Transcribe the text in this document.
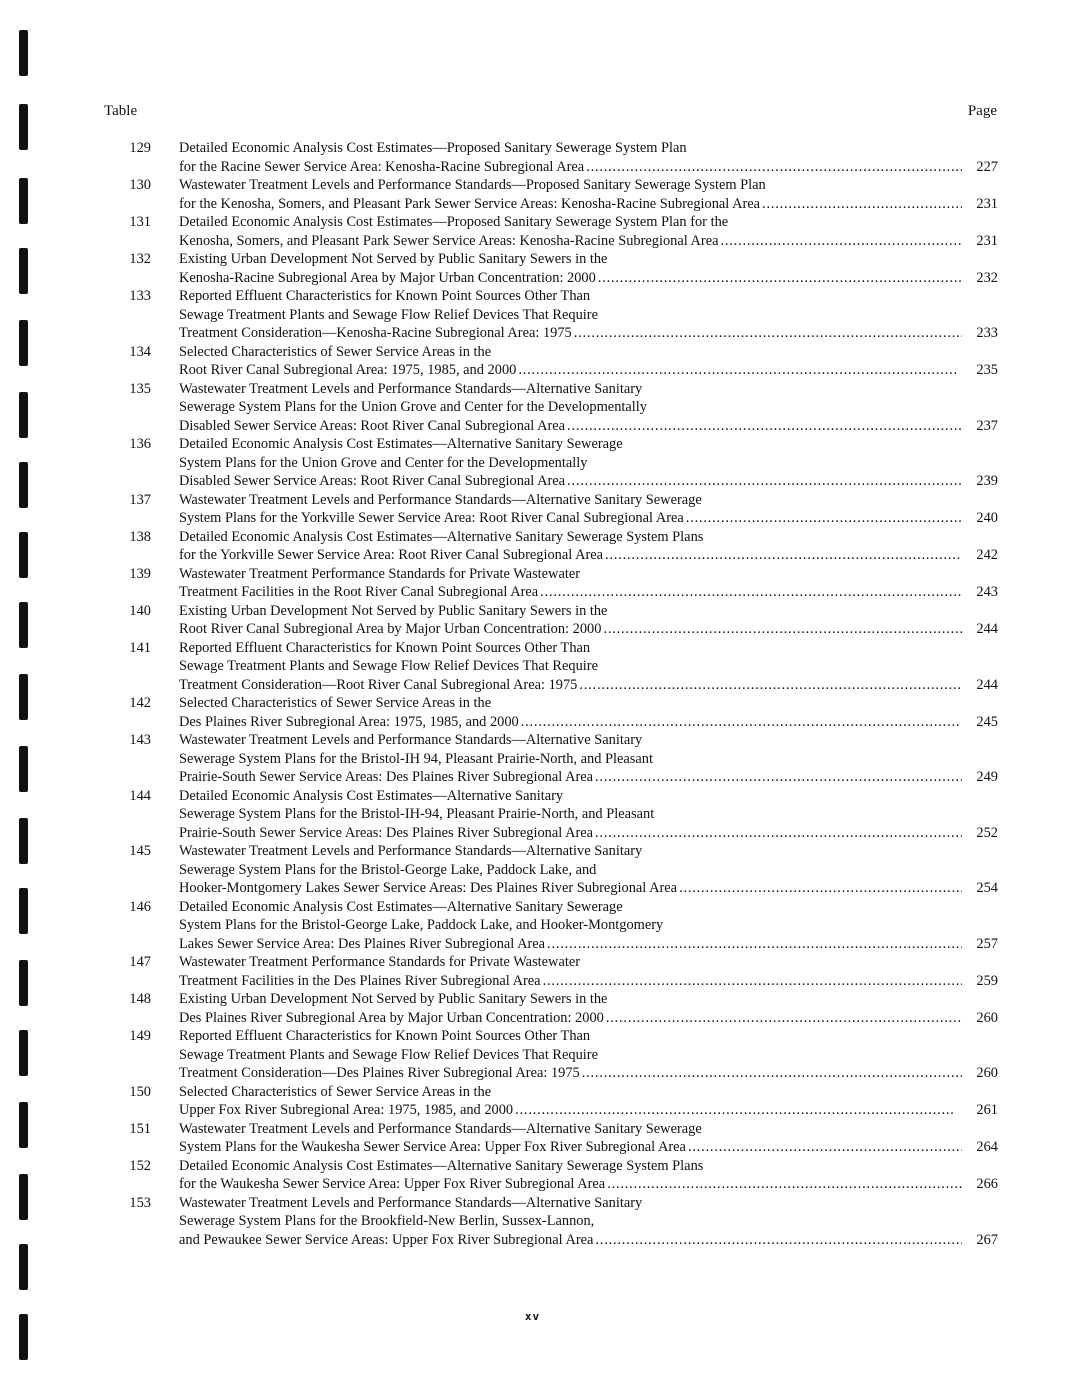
Table	Page
129 Detailed Economic Analysis Cost Estimates—Proposed Sanitary Sewerage System Plan
for the Racine Sewer Service Area: Kenosha-Racine Subregional Area . . .	227
130 Wastewater Treatment Levels and Performance Standards—Proposed Sanitary Sewerage System Plan
for the Kenosha, Somers, and Pleasant Park Sewer Service Areas: Kenosha-Racine Subregional Area . . .	231
131 Detailed Economic Analysis Cost Estimates—Proposed Sanitary Sewerage System Plan for the
Kenosha, Somers, and Pleasant Park Sewer Service Areas: Kenosha-Racine Subregional Area . . .	231
132 Existing Urban Development Not Served by Public Sanitary Sewers in the
Kenosha-Racine Subregional Area by Major Urban Concentration: 2000 . . .	232
133 Reported Effluent Characteristics for Known Point Sources Other Than
Sewage Treatment Plants and Sewage Flow Relief Devices That Require
Treatment Consideration—Kenosha-Racine Subregional Area: 1975 . . .	233
134 Selected Characteristics of Sewer Service Areas in the
Root River Canal Subregional Area: 1975, 1985, and 2000 . . .	235
135 Wastewater Treatment Levels and Performance Standards—Alternative Sanitary
Sewerage System Plans for the Union Grove and Center for the Developmentally
Disabled Sewer Service Areas: Root River Canal Subregional Area . . .	237
136 Detailed Economic Analysis Cost Estimates—Alternative Sanitary Sewerage
System Plans for the Union Grove and Center for the Developmentally
Disabled Sewer Service Areas: Root River Canal Subregional Area . . .	239
137 Wastewater Treatment Levels and Performance Standards—Alternative Sanitary Sewerage
System Plans for the Yorkville Sewer Service Area: Root River Canal Subregional Area . . .	240
138 Detailed Economic Analysis Cost Estimates—Alternative Sanitary Sewerage System Plans
for the Yorkville Sewer Service Area: Root River Canal Subregional Area . . .	242
139 Wastewater Treatment Performance Standards for Private Wastewater
Treatment Facilities in the Root River Canal Subregional Area . . .	243
140 Existing Urban Development Not Served by Public Sanitary Sewers in the
Root River Canal Subregional Area by Major Urban Concentration: 2000 . . .	244
141 Reported Effluent Characteristics for Known Point Sources Other Than
Sewage Treatment Plants and Sewage Flow Relief Devices That Require
Treatment Consideration—Root River Canal Subregional Area: 1975 . . .	244
142 Selected Characteristics of Sewer Service Areas in the
Des Plaines River Subregional Area: 1975, 1985, and 2000 . . .	245
143 Wastewater Treatment Levels and Performance Standards—Alternative Sanitary
Sewerage System Plans for the Bristol-IH 94, Pleasant Prairie-North, and Pleasant
Prairie-South Sewer Service Areas: Des Plaines River Subregional Area . . .	249
144 Detailed Economic Analysis Cost Estimates—Alternative Sanitary
Sewerage System Plans for the Bristol-IH-94, Pleasant Prairie-North, and Pleasant
Prairie-South Sewer Service Areas: Des Plaines River Subregional Area . . .	252
145 Wastewater Treatment Levels and Performance Standards—Alternative Sanitary
Sewerage System Plans for the Bristol-George Lake, Paddock Lake, and
Hooker-Montgomery Lakes Sewer Service Areas: Des Plaines River Subregional Area . . .	254
146 Detailed Economic Analysis Cost Estimates—Alternative Sanitary Sewerage
System Plans for the Bristol-George Lake, Paddock Lake, and Hooker-Montgomery
Lakes Sewer Service Area: Des Plaines River Subregional Area . . .	257
147 Wastewater Treatment Performance Standards for Private Wastewater
Treatment Facilities in the Des Plaines River Subregional Area . . .	259
148 Existing Urban Development Not Served by Public Sanitary Sewers in the
Des Plaines River Subregional Area by Major Urban Concentration: 2000 . . .	260
149 Reported Effluent Characteristics for Known Point Sources Other Than
Sewage Treatment Plants and Sewage Flow Relief Devices That Require
Treatment Consideration—Des Plaines River Subregional Area: 1975 . . .	260
150 Selected Characteristics of Sewer Service Areas in the
Upper Fox River Subregional Area: 1975, 1985, and 2000 . . .	261
151 Wastewater Treatment Levels and Performance Standards—Alternative Sanitary Sewerage
System Plans for the Waukesha Sewer Service Area: Upper Fox River Subregional Area . . .	264
152 Detailed Economic Analysis Cost Estimates—Alternative Sanitary Sewerage System Plans
for the Waukesha Sewer Service Area: Upper Fox River Subregional Area . . .	266
153 Wastewater Treatment Levels and Performance Standards—Alternative Sanitary
Sewerage System Plans for the Brookfield-New Berlin, Sussex-Lannon,
and Pewaukee Sewer Service Areas: Upper Fox River Subregional Area . . .	267
xv
